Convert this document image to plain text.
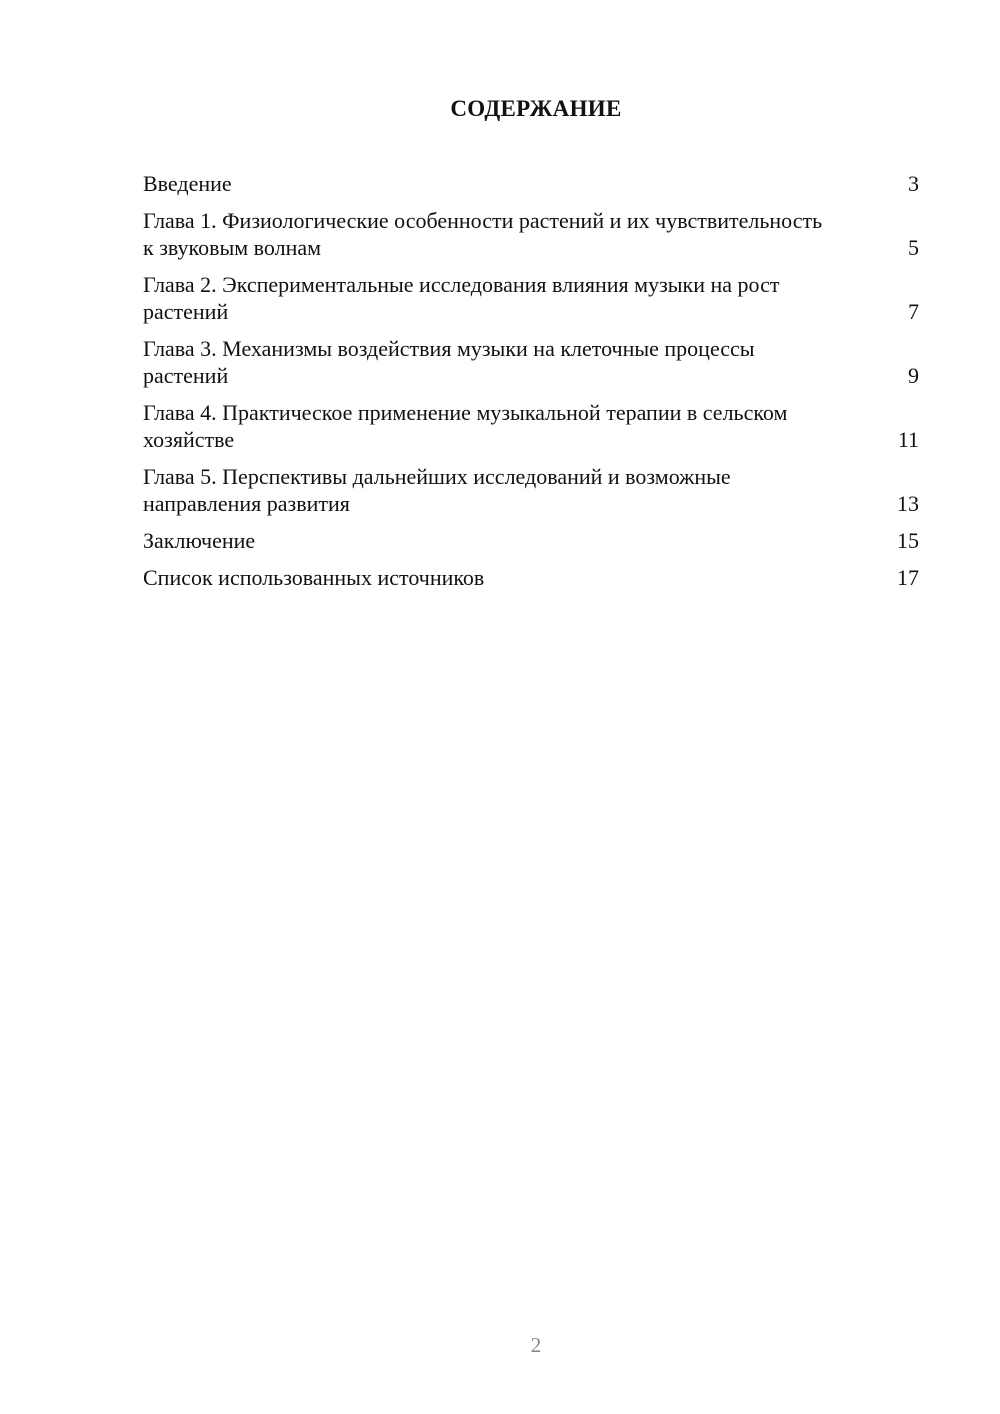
СОДЕРЖАНИЕ
Введение	3
Глава 1. Физиологические особенности растений и их чувствительность к звуковым волнам	5
Глава 2. Экспериментальные исследования влияния музыки на рост растений	7
Глава 3. Механизмы воздействия музыки на клеточные процессы растений	9
Глава 4. Практическое применение музыкальной терапии в сельском хозяйстве	11
Глава 5. Перспективы дальнейших исследований и возможные направления развития	13
Заключение	15
Список использованных источников	17

2
